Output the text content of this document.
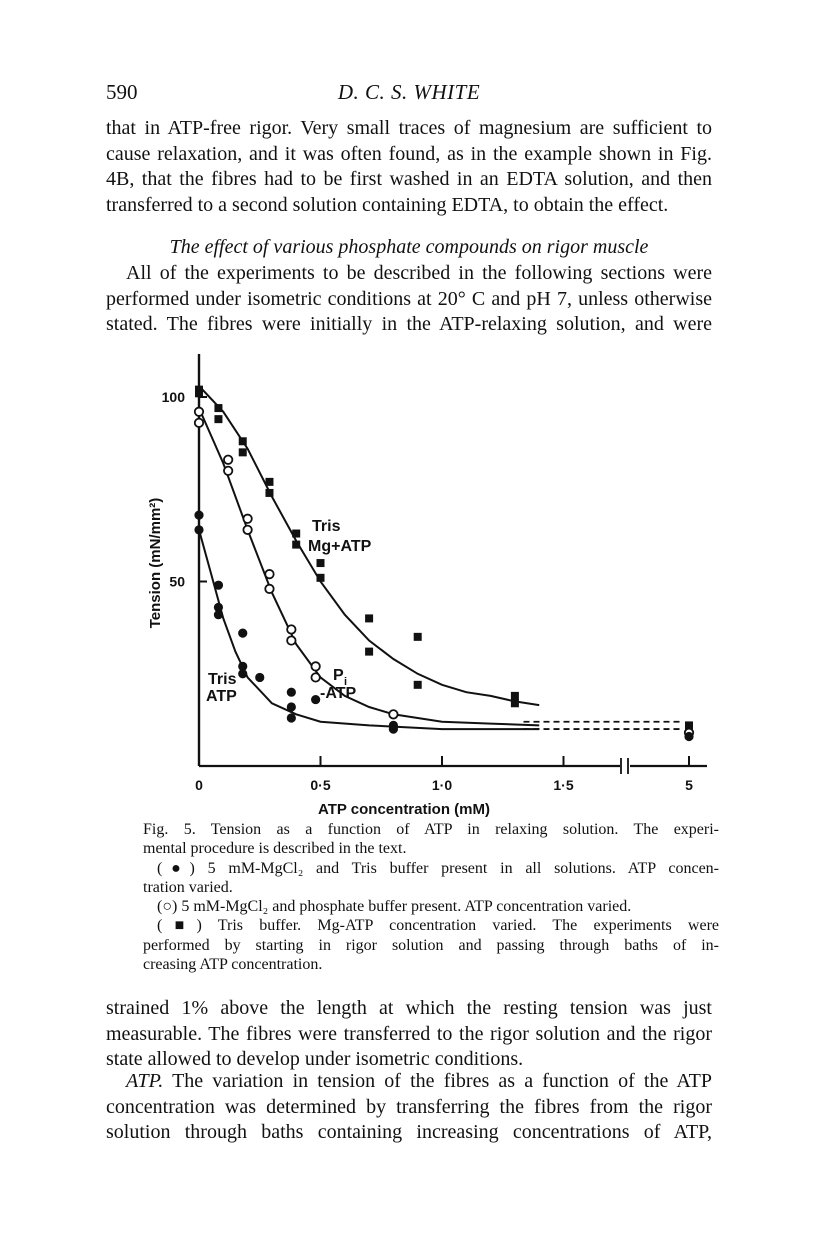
590	D. C. S. WHITE
that in ATP-free rigor. Very small traces of magnesium are sufficient to
cause relaxation, and it was often found, as in the example shown in Fig.
4B, that the fibres had to be first washed in an EDTA solution, and then
transferred to a second solution containing EDTA, to obtain the effect.
The effect of various phosphate compounds on rigor muscle
All of the experiments to be described in the following sections were
performed under isometric conditions at 20° C and pH 7, unless otherwise
stated. The fibres were initially in the ATP-relaxing solution, and were
0	0·5	1·0	1·5	5
50
100
ATP concentration (mM)
Tension (mN/mm²)	Tris
Mg+ATP
P i
-ATP
Tris
ATP
Fig. 5. Tension as a function of ATP in relaxing solution. The experi-
mental procedure is described in the text.
(●) 5 mM-MgCl₂ and Tris buffer present in all solutions. ATP concen-
tration varied.
(○) 5 mM-MgCl₂ and phosphate buffer present. ATP concentration varied.
(■) Tris buffer. Mg-ATP concentration varied. The experiments were
performed by starting in rigor solution and passing through baths of in-
creasing ATP concentration.
strained 1% above the length at which the resting tension was just
measurable. The fibres were transferred to the rigor solution and the rigor
state allowed to develop under isometric conditions.
ATP. The variation in tension of the fibres as a function of the ATP
concentration was determined by transferring the fibres from the rigor
solution through baths containing increasing concentrations of ATP,
